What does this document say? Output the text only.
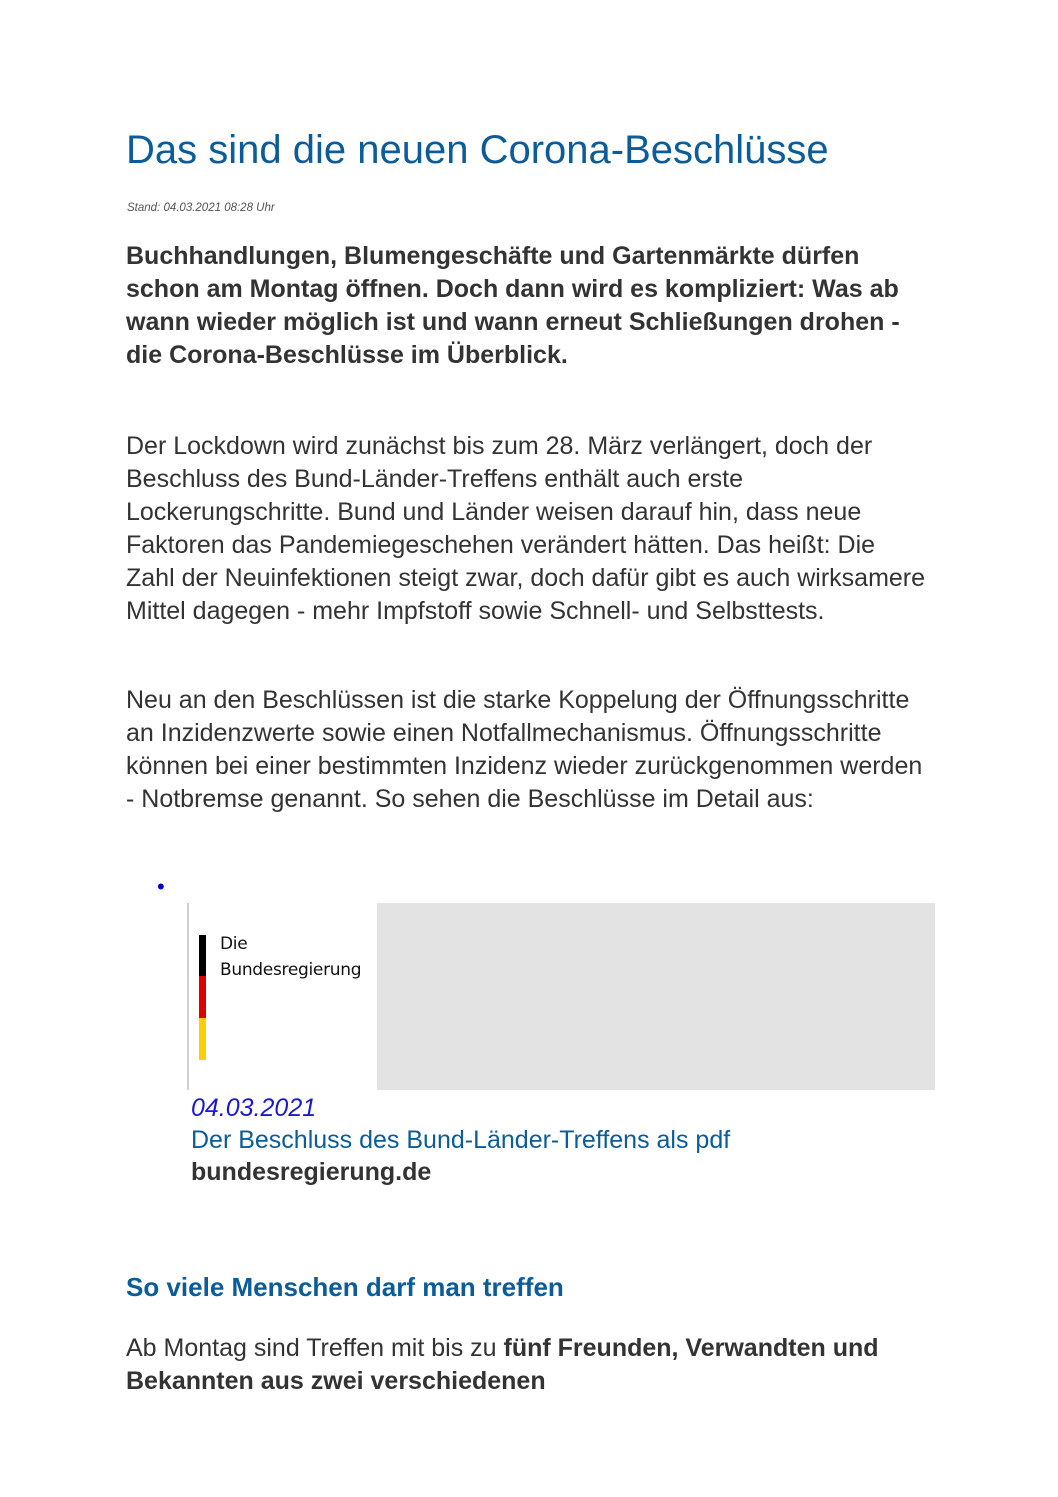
Das sind die neuen Corona-Beschlüsse
Stand: 04.03.2021 08:28 Uhr

Buchhandlungen, Blumengeschäfte und Gartenmärkte dürfen schon am Montag öffnen. Doch dann wird es kompliziert: Was ab wann wieder möglich ist und wann erneut Schließungen drohen - die Corona-Beschlüsse im Überblick.

Der Lockdown wird zunächst bis zum 28. März verlängert, doch der Beschluss des Bund-Länder-Treffens enthält auch erste Lockerungschritte. Bund und Länder weisen darauf hin, dass neue Faktoren das Pandemiegeschehen verändert hätten. Das heißt: Die Zahl der Neuinfektionen steigt zwar, doch dafür gibt es auch wirksamere Mittel dagegen - mehr Impfstoff sowie Schnell- und Selbsttests.

Neu an den Beschlüssen ist die starke Koppelung der Öffnungsschritte an Inzidenzwerte sowie einen Notfallmechanismus. Öffnungsschritte können bei einer bestimmten Inzidenz wieder zurückgenommen werden - Notbremse genannt. So sehen die Beschlüsse im Detail aus:

•
Die
Bundesregierung
04.03.2021
Der Beschluss des Bund-Länder-Treffens als pdf bundesregierung.de
So viele Menschen darf man treffen

Ab Montag sind Treffen mit bis zu fünf Freunden, Verwandten und Bekannten aus zwei verschiedenen
